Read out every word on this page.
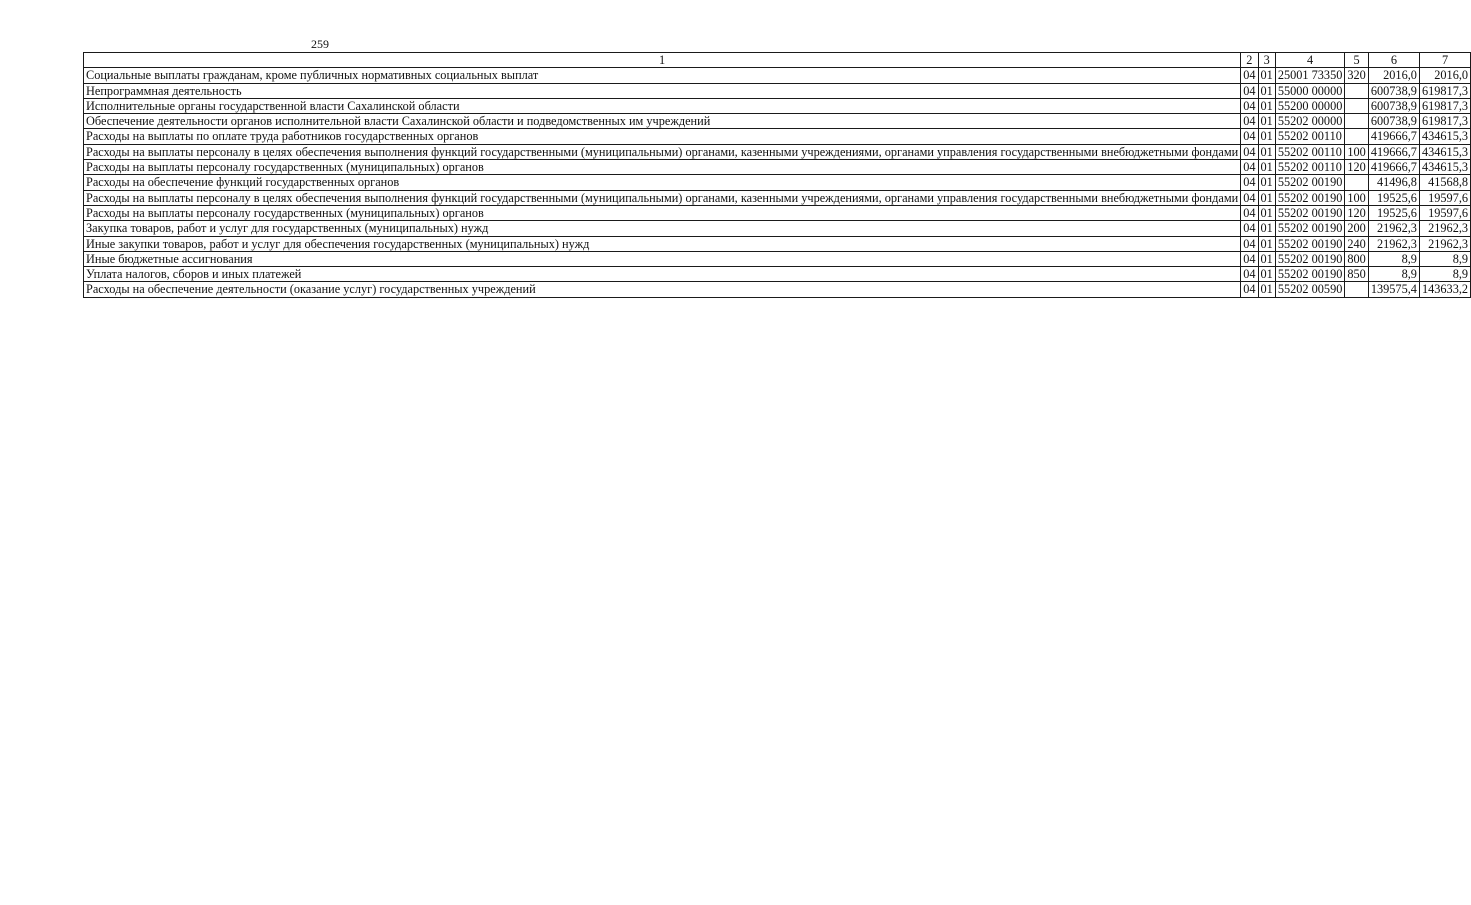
259
1	2	3	4	5	6	7
Социальные выплаты гражданам, кроме публичных нормативных социальных выплат	04	01	25001 73350	320	2016,0	2016,0
Непрограммная деятельность	04	01	55000 00000		600738,9	619817,3
Исполнительные органы государственной власти Сахалинской области	04	01	55200 00000		600738,9	619817,3
Обеспечение деятельности органов исполнительной власти Сахалинской области и подведомственных им учреждений	04	01	55202 00000		600738,9	619817,3
Расходы на выплаты по оплате труда работников государственных органов	04	01	55202 00110		419666,7	434615,3
Расходы на выплаты персоналу в целях обеспечения выполнения функций государственными (муниципальными) органами, казенными учреждениями, органами управления государственными внебюджетными фондами	04	01	55202 00110	100	419666,7	434615,3
Расходы на выплаты персоналу государственных (муниципальных) органов	04	01	55202 00110	120	419666,7	434615,3
Расходы на обеспечение функций государственных органов	04	01	55202 00190		41496,8	41568,8
Расходы на выплаты персоналу в целях обеспечения выполнения функций государственными (муниципальными) органами, казенными учреждениями, органами управления государственными внебюджетными фондами	04	01	55202 00190	100	19525,6	19597,6
Расходы на выплаты персоналу государственных (муниципальных) органов	04	01	55202 00190	120	19525,6	19597,6
Закупка товаров, работ и услуг для государственных (муниципальных) нужд	04	01	55202 00190	200	21962,3	21962,3
Иные закупки товаров, работ и услуг для обеспечения государственных (муниципальных) нужд	04	01	55202 00190	240	21962,3	21962,3
Иные бюджетные ассигнования	04	01	55202 00190	800	8,9	8,9
Уплата налогов, сборов и иных платежей	04	01	55202 00190	850	8,9	8,9
Расходы на обеспечение деятельности (оказание услуг) государственных учреждений	04	01	55202 00590		139575,4	143633,2
